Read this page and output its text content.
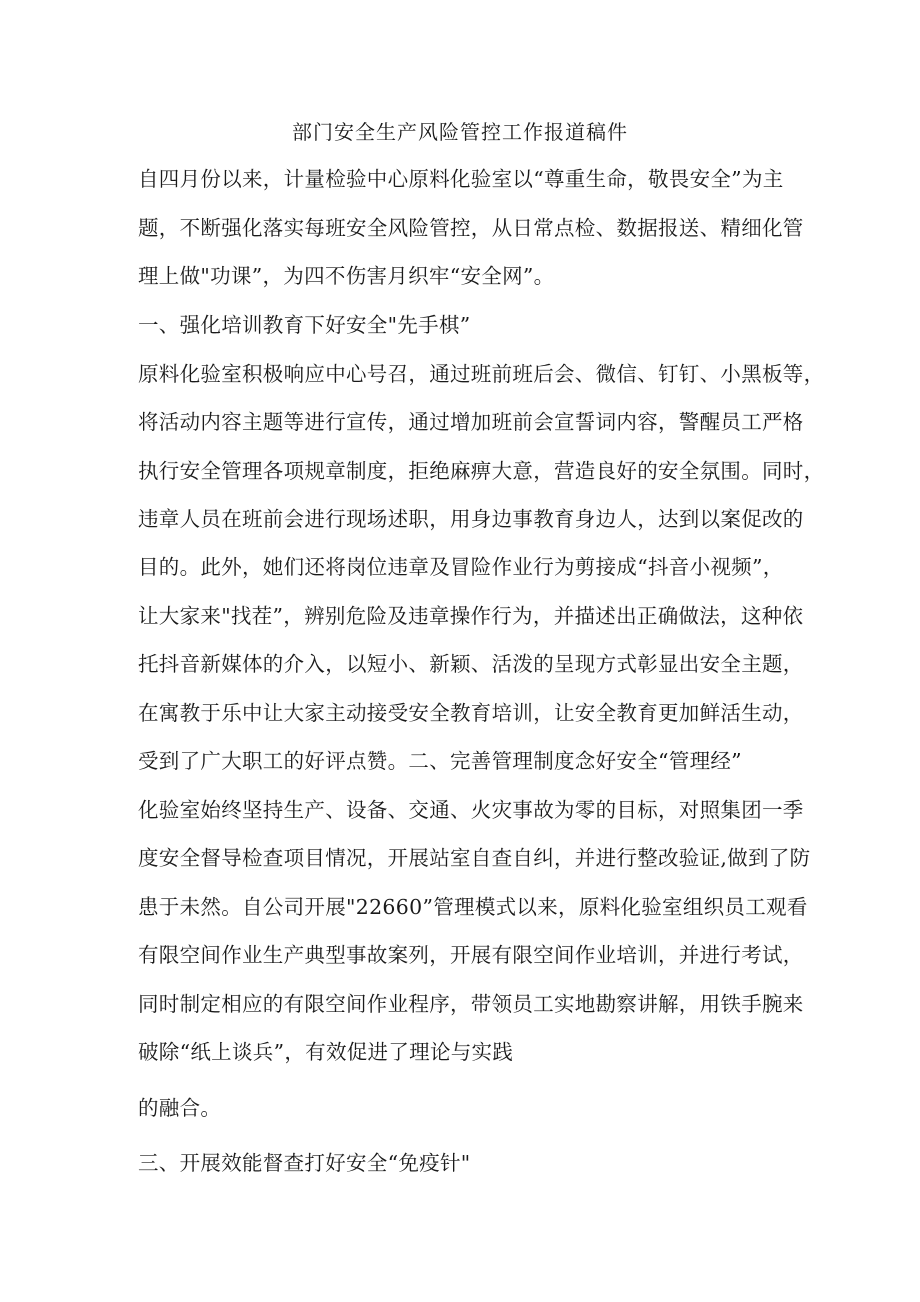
部门安全生产风险管控工作报道稿件
自四月份以来，计量检验中心原料化验室以“尊重生命，敬畏安全”为主
题，不断强化落实每班安全风险管控，从日常点检、数据报送、精细化管
理上做"功课”，为四不伤害月织牢“安全网”。
一、强化培训教育下好安全"先手棋”
原料化验室积极响应中心号召，通过班前班后会、微信、钉钉、小黑板等，
将活动内容主题等进行宣传，通过增加班前会宣誓词内容，警醒员工严格
执行安全管理各项规章制度，拒绝麻痹大意，营造良好的安全氛围。同时，
违章人员在班前会进行现场述职，用身边事教育身边人，达到以案促改的
目的。此外，她们还将岗位违章及冒险作业行为剪接成“抖音小视频”，
让大家来"找茬”，辨别危险及违章操作行为，并描述出正确做法，这种依
托抖音新媒体的介入，以短小、新颖、活泼的呈现方式彰显出安全主题，
在寓教于乐中让大家主动接受安全教育培训，让安全教育更加鲜活生动，
受到了广大职工的好评点赞。二、完善管理制度念好安全“管理经”
化验室始终坚持生产、设备、交通、火灾事故为零的目标，对照集团一季
度安全督导检查项目情况，开展站室自查自纠，并进行整改验证,做到了防
患于未然。自公司开展"22660”管理模式以来，原料化验室组织员工观看
有限空间作业生产典型事故案列，开展有限空间作业培训，并进行考试，
同时制定相应的有限空间作业程序，带领员工实地勘察讲解，用铁手腕来
破除“纸上谈兵”，有效促进了理论与实践
的融合。
三、开展效能督查打好安全“免疫针"
